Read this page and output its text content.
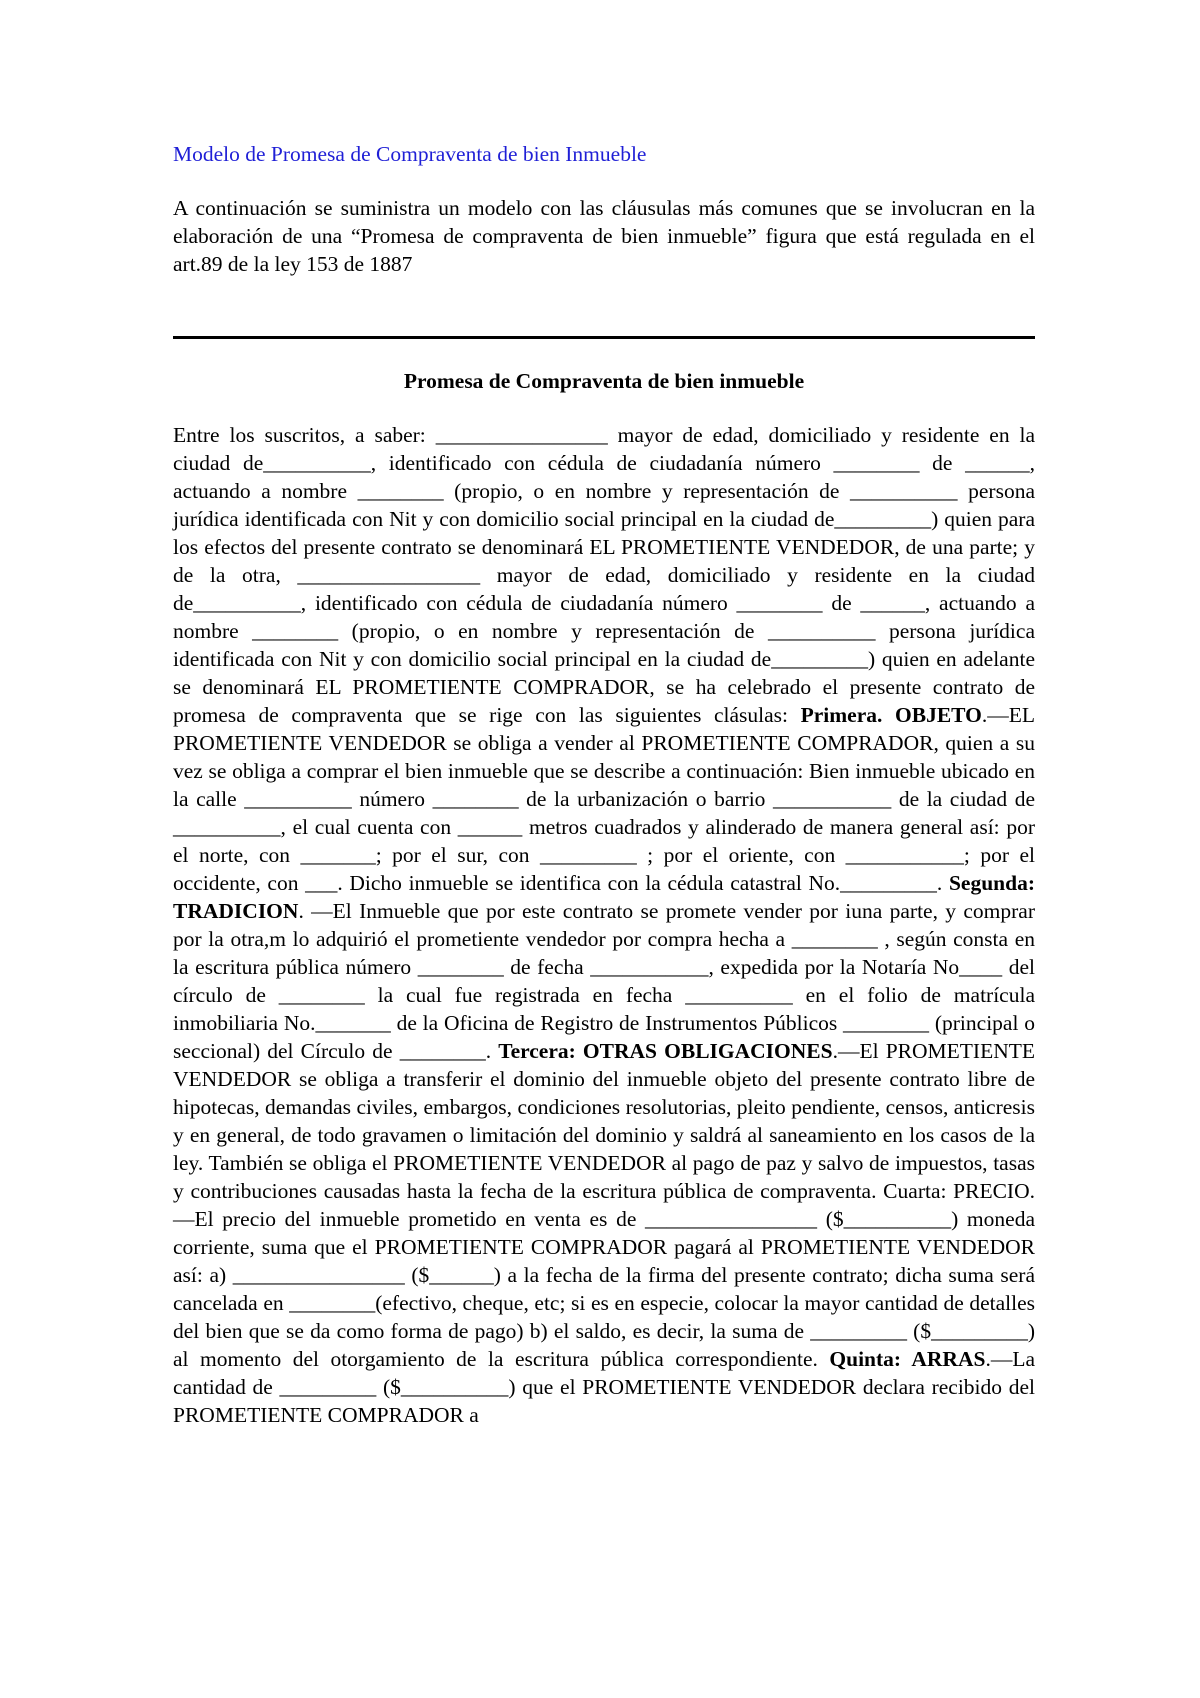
Modelo de Promesa de Compraventa de bien Inmueble

A continuación se suministra un modelo con las cláusulas más comunes que se involucran en la elaboración de una “Promesa de compraventa de bien inmueble” figura que está regulada en el art.89 de la ley 153 de 1887

Promesa de Compraventa de bien inmueble

Entre los suscritos, a saber: ________________ mayor de edad, domiciliado y residente en la ciudad de__________, identificado con cédula de ciudadanía número ________ de ______, actuando a nombre ________ (propio, o en nombre y representación de __________ persona jurídica identificada con Nit y con domicilio social principal en la ciudad de_________) quien para los efectos del presente contrato se denominará EL PROMETIENTE VENDEDOR, de una parte; y de la otra, _________________ mayor de edad, domiciliado y residente en la ciudad de__________, identificado con cédula de ciudadanía número ________ de ______, actuando a nombre ________ (propio, o en nombre y representación de __________ persona jurídica identificada con Nit y con domicilio social principal en la ciudad de_________) quien en adelante se denominará EL PROMETIENTE COMPRADOR, se ha celebrado el presente contrato de promesa de compraventa que se rige con las siguientes clásulas: Primera. OBJETO.—EL PROMETIENTE VENDEDOR se obliga a vender al PROMETIENTE COMPRADOR, quien a su vez se obliga a comprar el bien inmueble que se describe a continuación: Bien inmueble ubicado en la calle __________ número ________ de la urbanización o barrio ___________ de la ciudad de __________, el cual cuenta con ______ metros cuadrados y alinderado de manera general así: por el norte, con _______; por el sur, con _________ ; por el oriente, con ___________; por el occidente, con ___. Dicho inmueble se identifica con la cédula catastral No._________. Segunda: TRADICION. —El Inmueble que por este contrato se promete vender por iuna parte, y comprar por la otra,m lo adquirió el prometiente vendedor por compra hecha a ________ , según consta en la escritura pública número ________ de fecha ___________, expedida por la Notaría No____ del círculo de ________ la cual fue registrada en fecha __________ en el folio de matrícula inmobiliaria No._______ de la Oficina de Registro de Instrumentos Públicos ________ (principal o seccional) del Círculo de ________. Tercera: OTRAS OBLIGACIONES.—El PROMETIENTE VENDEDOR se obliga a transferir el dominio del inmueble objeto del presente contrato libre de hipotecas, demandas civiles, embargos, condiciones resolutorias, pleito pendiente, censos, anticresis y en general, de todo gravamen o limitación del dominio y saldrá al saneamiento en los casos de la ley. También se obliga el PROMETIENTE VENDEDOR al pago de paz y salvo de impuestos, tasas y contribuciones causadas hasta la fecha de la escritura pública de compraventa. Cuarta: PRECIO.—El precio del inmueble prometido en venta es de ________________ ($__________) moneda corriente, suma que el PROMETIENTE COMPRADOR pagará al PROMETIENTE VENDEDOR así: a) ________________ ($______) a la fecha de la firma del presente contrato; dicha suma será cancelada en ________(efectivo, cheque, etc; si es en especie, colocar la mayor cantidad de detalles del bien que se da como forma de pago) b) el saldo, es decir, la suma de _________ ($_________) al momento del otorgamiento de la escritura pública correspondiente. Quinta: ARRAS.—La cantidad de _________ ($__________) que el PROMETIENTE VENDEDOR declara recibido del PROMETIENTE COMPRADOR a
